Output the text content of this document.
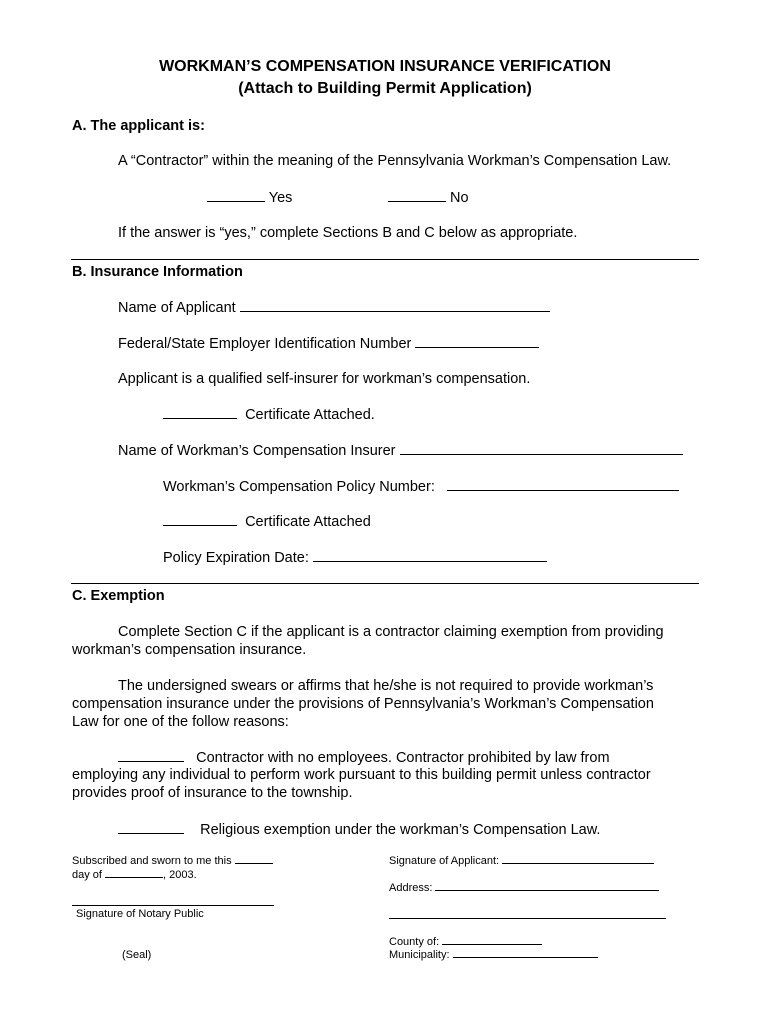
WORKMAN’S COMPENSATION INSURANCE VERIFICATION
(Attach to Building Permit Application)
A. The applicant is:
A “Contractor” within the meaning of the Pennsylvania Workman’s Compensation Law.
Yes	No
If the answer is “yes,” complete Sections B and C below as appropriate.
B. Insurance Information
Name of Applicant
Federal/State Employer Identification Number
Applicant is a qualified self-insurer for workman’s compensation.
Certificate Attached.
Name of Workman’s Compensation Insurer
Workman’s Compensation Policy Number:
Certificate Attached
Policy Expiration Date:
C. Exemption
Complete Section C if the applicant is a contractor claiming exemption from providing
workman’s compensation insurance.
The undersigned swears or affirms that he/she is not required to provide workman’s
compensation insurance under the provisions of Pennsylvania’s Workman’s Compensation
Law for one of the follow reasons:
Contractor with no employees. Contractor prohibited by law from
employing any individual to perform work pursuant to this building permit unless contractor
provides proof of insurance to the township.
Religious exemption under the workman’s Compensation Law.
Subscribed and sworn to me this
day of	, 2003.
Signature of Notary Public
(Seal)
Signature of Applicant:
Address:
County of:
Municipality:
